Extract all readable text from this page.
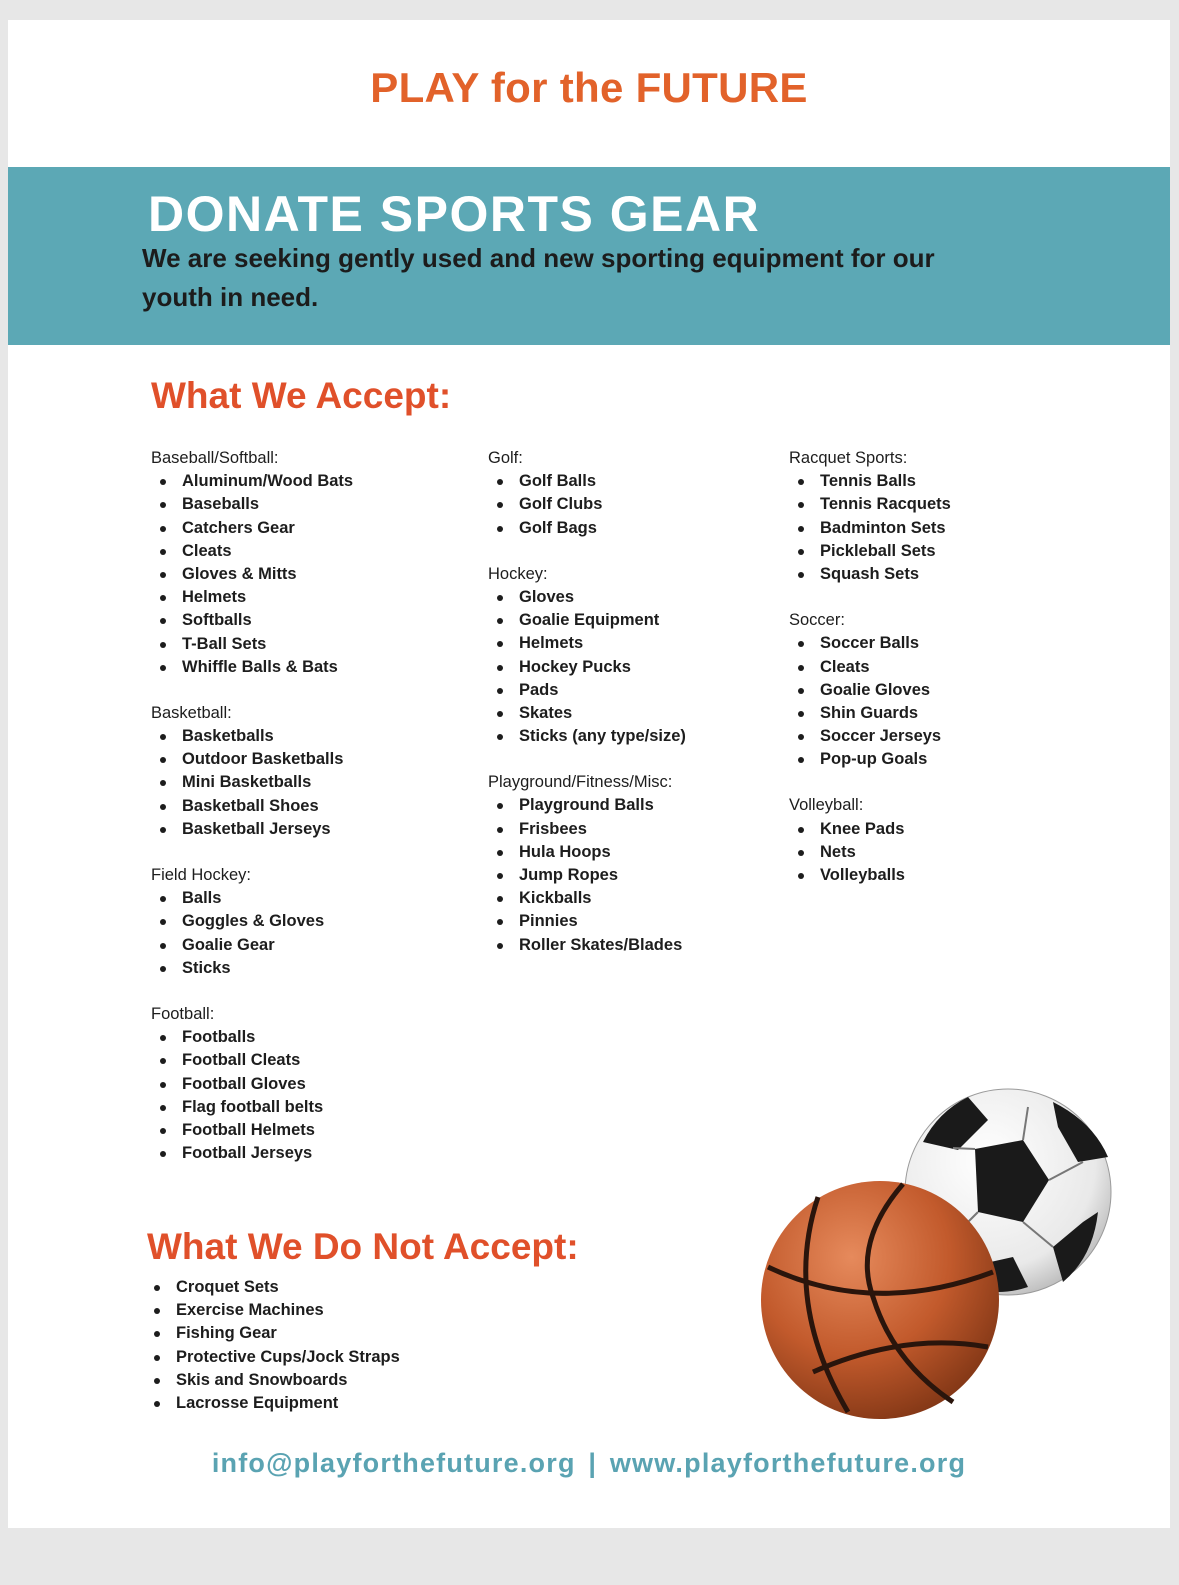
PLAY for the FUTURE
DONATE SPORTS GEAR
We are seeking gently used and new sporting equipment for our youth in need.
What We Accept:
Baseball/Softball:
Aluminum/Wood Bats
Baseballs
Catchers Gear
Cleats
Gloves & Mitts
Helmets
Softballs
T-Ball Sets
Whiffle Balls & Bats
Basketball:
Basketballs
Outdoor Basketballs
Mini Basketballs
Basketball Shoes
Basketball Jerseys
Field Hockey:
Balls
Goggles & Gloves
Goalie Gear
Sticks
Football:
Footballs
Football Cleats
Football Gloves
Flag football belts
Football Helmets
Football Jerseys
Golf:
Golf Balls
Golf Clubs
Golf Bags
Hockey:
Gloves
Goalie Equipment
Helmets
Hockey Pucks
Pads
Skates
Sticks (any type/size)
Playground/Fitness/Misc:
Playground Balls
Frisbees
Hula Hoops
Jump Ropes
Kickballs
Pinnies
Roller Skates/Blades
Racquet Sports:
Tennis Balls
Tennis Racquets
Badminton Sets
Pickleball Sets
Squash Sets
Soccer:
Soccer Balls
Cleats
Goalie Gloves
Shin Guards
Soccer Jerseys
Pop-up Goals
Volleyball:
Knee Pads
Nets
Volleyballs
What We Do Not Accept:
Croquet Sets
Exercise Machines
Fishing Gear
Protective Cups/Jock Straps
Skis and Snowboards
Lacrosse Equipment
info@playforthefuture.org | www.playforthefuture.org
